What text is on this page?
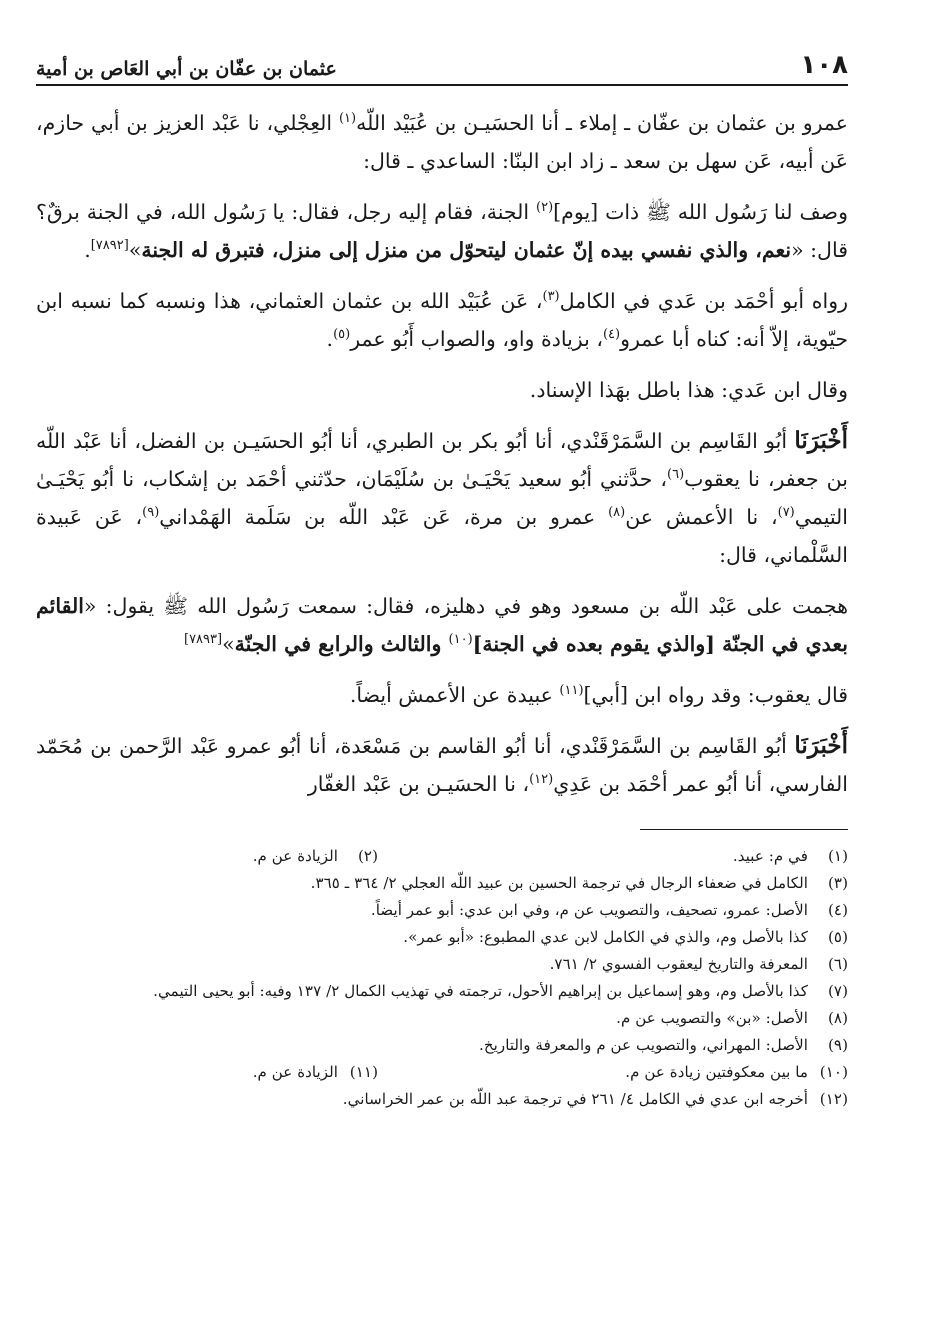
١٠٨
عثمان بن عفّان بن أبي العَاص بن أمية

عمرو بن عثمان بن عفّان ـ إملاء ـ أنا الحسَيـن بن عُبَيْد اللّه$^{(١)}$ العِجْلي، نا عَبْد العزيز بن أبي حازم، عَن أبيه، عَن سهل بن سعد ـ زاد ابن البنّا: الساعدي ـ قال:

وصف لنا رَسُول الله ﷺ ذات [يوم]$^{(٢)}$ الجنة، فقام إليه رجل، فقال: يا رَسُول الله، في الجنة برقٌ؟ قال: «نعم، والذي نفسي بيده إنّ عثمان ليتحوّل من منزل إلى منزل، فتبرق له الجنة»[٧٨٩٢].

رواه أبو أحْمَد بن عَدي في الكامل$^{(٣)}$، عَن عُبَيْد الله بن عثمان العثماني، هذا ونسبه كما نسبه ابن حيّوية، إلاّ أنه: كناه أبا عمرو$^{(٤)}$، بزيادة واو، والصواب أَبُو عمر$^{(٥)}$.

وقال ابن عَدي: هذا باطل بهَذا الإسناد.

أَخْبَرَنَا أبُو القَاسِم بن السَّمَرْقَنْدي، أنا أبُو بكر بن الطبري، أنا أبُو الحسَيـن بن الفضل، أنا عَبْد اللّه بن جعفر، نا يعقوب$^{(٦)}$، حدَّثني أبُو سعيد يَحْيَـىٰ بن سُلَيْمَان، حدّثني أحْمَد بن إشكاب، نا أبُو يَحْيَـىٰ التيمي$^{(٧)}$، نا الأعمش عن$^{(٨)}$ عمرو بن مرة، عَن عَبْد اللّه بن سَلَمة الهَمْداني$^{(٩)}$، عَن عَبيدة السَّلْماني، قال:

هجمت على عَبْد اللّه بن مسعود وهو في دهليزه، فقال: سمعت رَسُول الله ﷺ يقول: «القائم بعدي في الجنّة [والذي يقوم بعده في الجنة]$^{(١٠)}$ والثالث والرابع في الجنّة»[٧٨٩٣]

قال يعقوب: وقد رواه ابن [أبي]$^{(١١)}$ عبيدة عن الأعمش أيضاً.

أَخْبَرَنَا أبُو القَاسِم بن السَّمَرْقَنْدي، أنا أبُو القاسم بن مَسْعَدة، أنا أبُو عمرو عَبْد الرَّحمن بن مُحَمّد الفارسي، أنا أبُو عمر أحْمَد بن عَدِي$^{(١٢)}$، نا الحسَيـن بن عَبْد الغفّار

(١)
في م: عبيد.
(٢)
الزيادة عن م.
(٣)
الكامل في ضعفاء الرجال في ترجمة الحسين بن عبيد اللّه العجلي ٢/ ٣٦٤ ـ ٣٦٥.
(٤)
الأصل: عمرو، تصحيف، والتصويب عن م، وفي ابن عدي: أبو عمر أيضاً.
(٥)
كذا بالأصل وم، والذي في الكامل لابن عدي المطبوع: «أبو عمر».
(٦)
المعرفة والتاريخ ليعقوب الفسوي ٢/ ٧٦١.
(٧)
كذا بالأصل وم، وهو إسماعيل بن إبراهيم الأحول، ترجمته في تهذيب الكمال ٢/ ١٣٧ وفيه: أبو يحيى التيمي.
(٨)
الأصل: «بن» والتصويب عن م.
(٩)
الأصل: المهراني، والتصويب عن م والمعرفة والتاريخ.
(١٠)
ما بين معكوفتين زيادة عن م.
(١١)
الزيادة عن م.
(١٢)
أخرجه ابن عدي في الكامل ٤/ ٢٦١ في ترجمة عبد اللّه بن عمر الخراساني.
